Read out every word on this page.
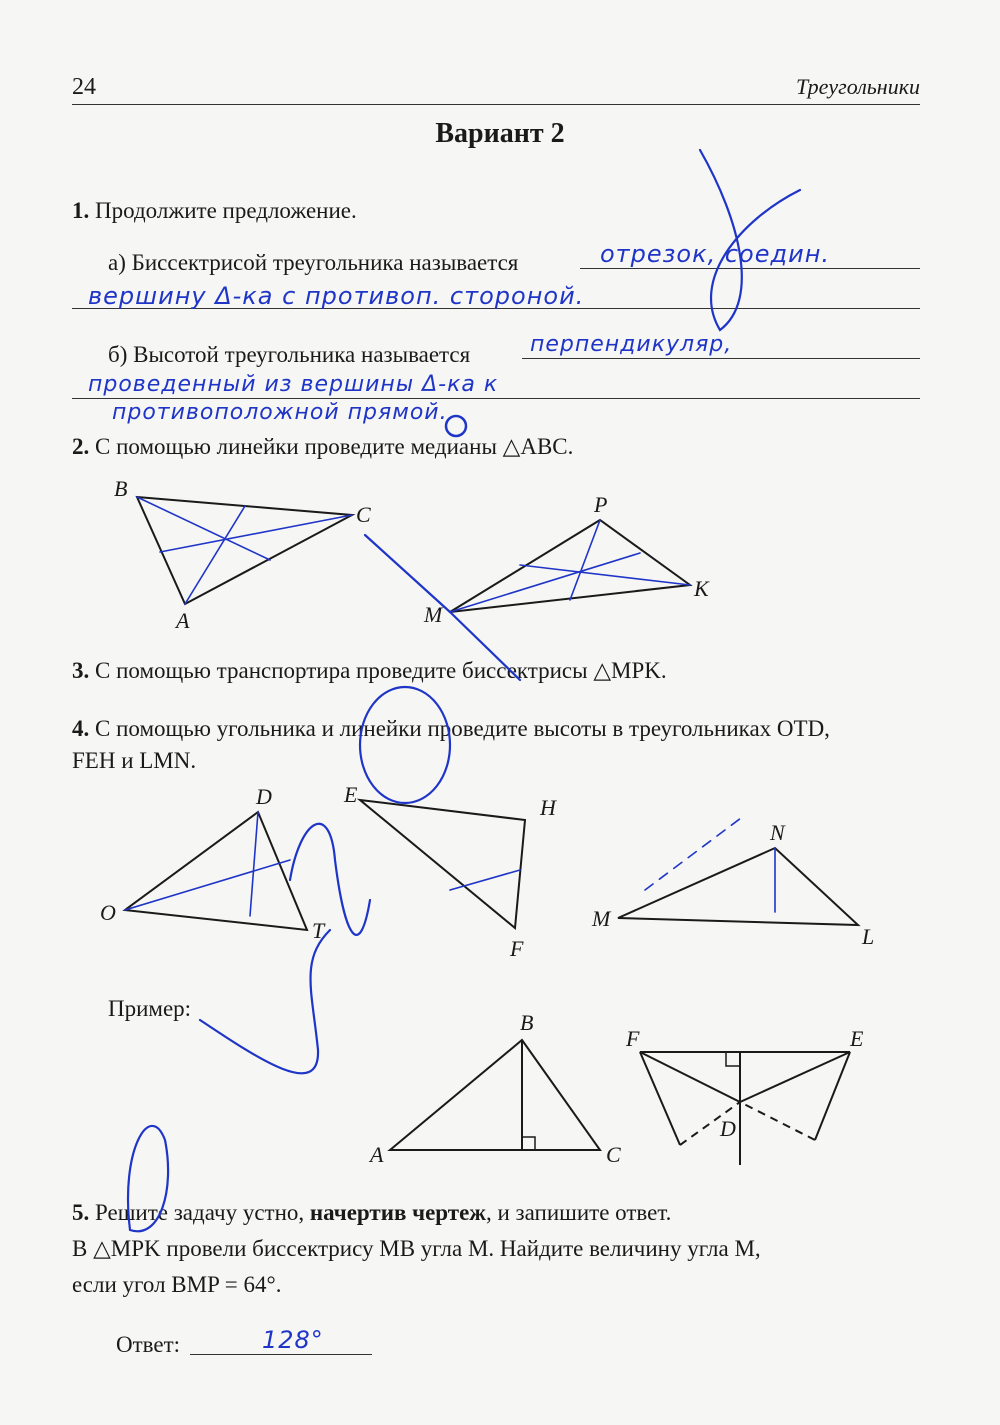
24	Треугольники
Вариант 2
1. Продолжите предложение.
а) Биссектрисой треугольника называется	отрезок, соедин.
вершину Δ-ка с противоп. стороной.
б) Высотой треугольника называется	перпендикуляр,
проведенный из вершины Δ-ка к
противоположной прямой.
2. С помощью линейки проведите медианы △ABC.
3. С помощью транспортира проведите биссектрисы △MPK.
4. С помощью угольника и линейки проведите высоты в треугольниках OTD,
FEH и LMN.
Пример:
5. Решите задачу устно, начертив чертеж, и запишите ответ.
В △MPK провели биссектрису MB угла M. Найдите величину угла M,
если угол BMP = 64°.
Ответ:	128°
B
C
A
P
K
M
D
O
T
E
H
F
N
M
L
B
A	C
F	E
D
